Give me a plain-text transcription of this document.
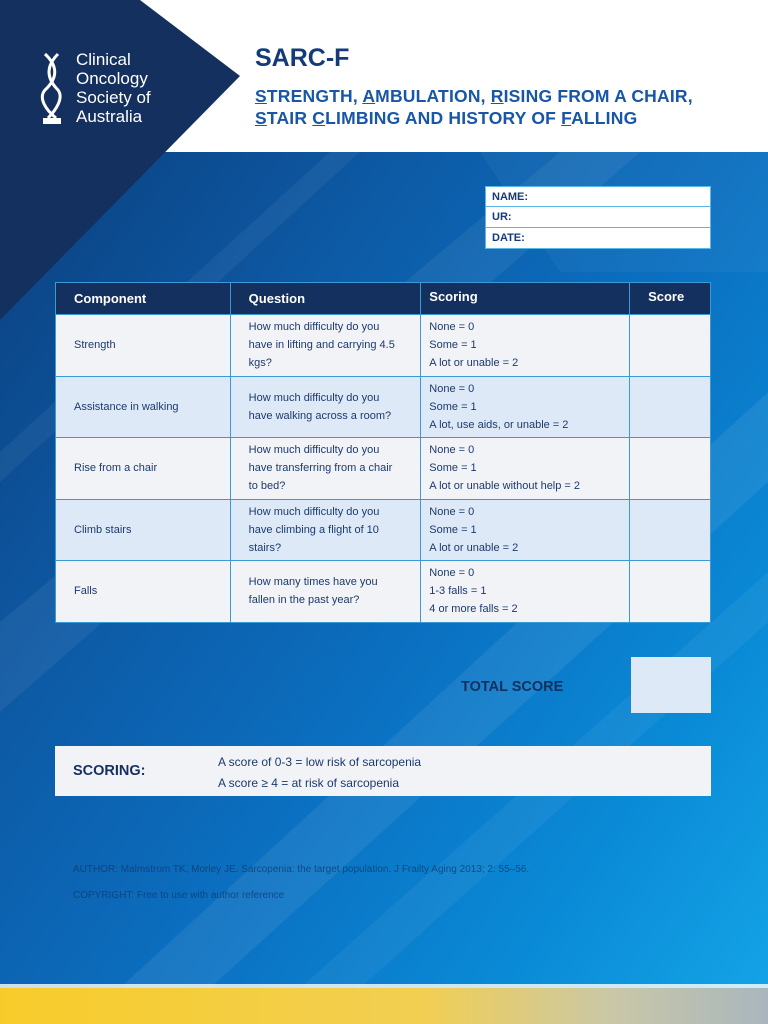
Clinical
Oncology
Society of
Australia
SARC-F
STRENGTH, AMBULATION, RISING FROM A CHAIR,
STAIR CLIMBING AND HISTORY OF FALLING
NAME:
UR:
DATE:
Component	Question	Scoring	Score
Strength	How much difficulty do you have in lifting and carrying 4.5 kgs?	None = 0
Some = 1
A lot or unable = 2	

Assistance in walking	How much difficulty do you have walking across a room?	None = 0
Some = 1
A lot, use aids, or unable = 2	

Rise from a chair	How much difficulty do you have transferring from a chair to bed?	None = 0
Some = 1
A lot or unable without help = 2	

Climb stairs	How much difficulty do you have climbing a flight of 10 stairs?	None = 0
Some = 1
A lot or unable = 2	

Falls	How many times have you fallen in the past year?	None = 0
1-3 falls = 1
4 or more falls = 2	

TOTAL SCORE
SCORING:
A score of 0-3 = low risk of sarcopenia
A score ≥ 4 = at risk of sarcopenia
AUTHOR: Malmstrom TK, Morley JE. Sarcopenia: the target population. J Frailty Aging 2013; 2: 55–56.
COPYRIGHT: Free to use with author reference
